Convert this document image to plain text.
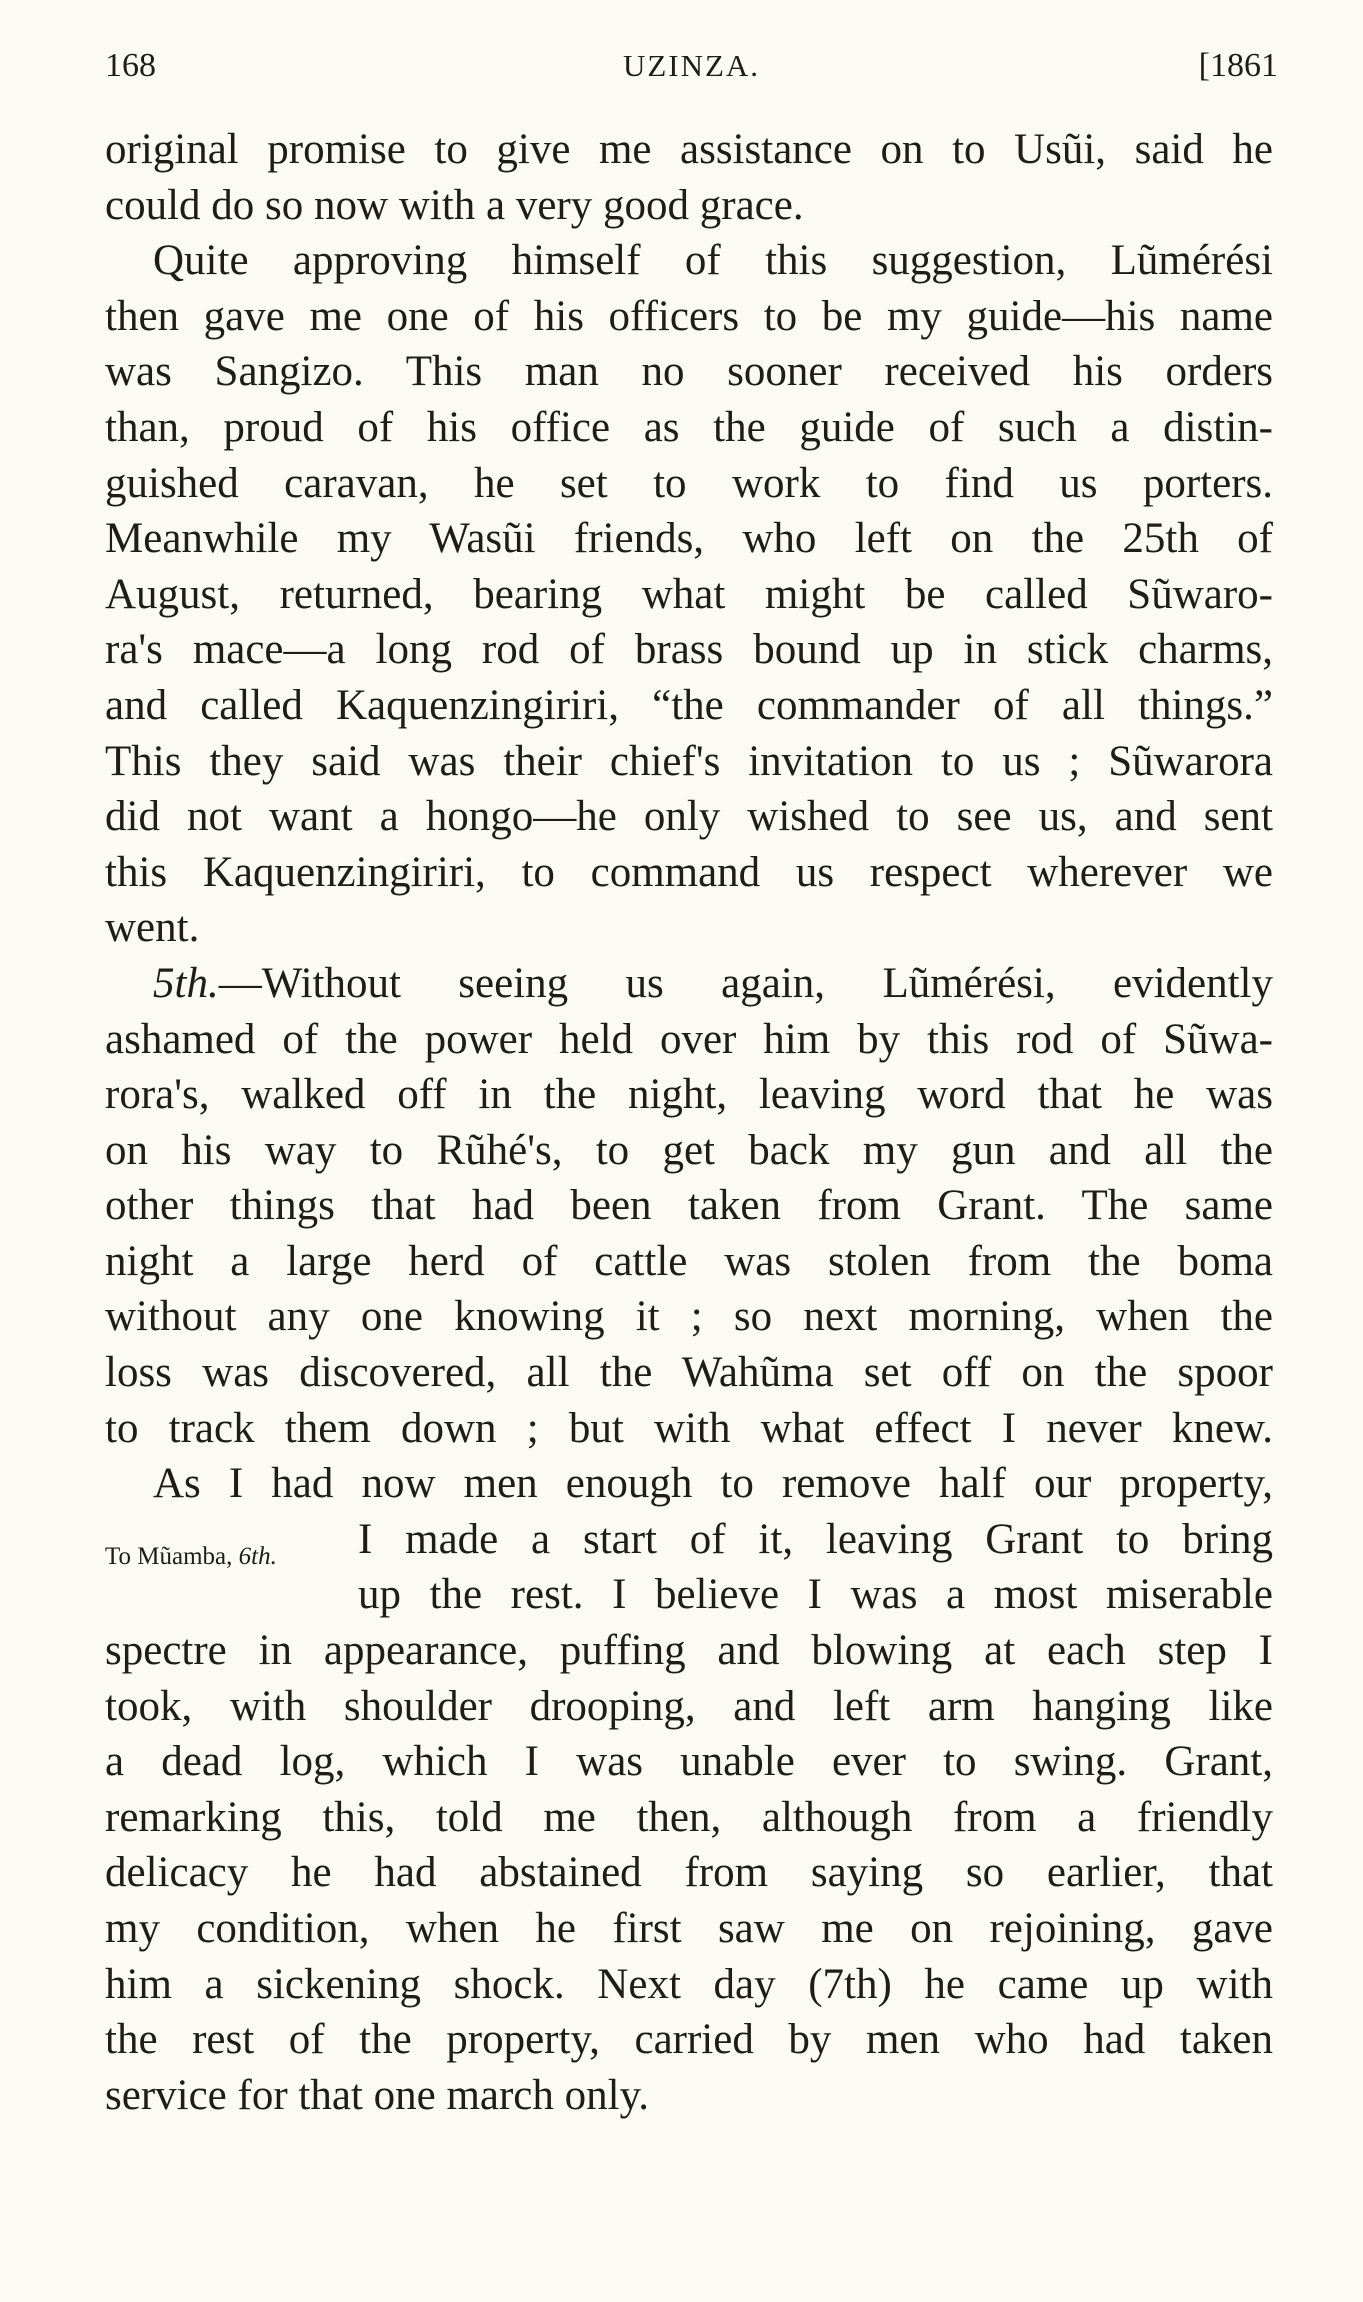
168	UZINZA.	[1861
original promise to give me assistance on to Usũi, said he
could do so now with a very good grace.
Quite approving himself of this suggestion, Lũmérési
then gave me one of his officers to be my guide—his name
was Sangizo. This man no sooner received his orders
than, proud of his office as the guide of such a distin-
guished caravan, he set to work to find us porters.
Meanwhile my Wasũi friends, who left on the 25th of
August, returned, bearing what might be called Sũwaro-
ra's mace—a long rod of brass bound up in stick charms,
and called Kaquenzingiriri, “the commander of all things.”
This they said was their chief's invitation to us ; Sũwarora
did not want a hongo—he only wished to see us, and sent
this Kaquenzingiriri, to command us respect wherever we
went.
5th.—Without seeing us again, Lũmérési, evidently
ashamed of the power held over him by this rod of Sũwa-
rora's, walked off in the night, leaving word that he was
on his way to Rũhé's, to get back my gun and all the
other things that had been taken from Grant. The same
night a large herd of cattle was stolen from the boma
without any one knowing it ; so next morning, when the
loss was discovered, all the Wahũma set off on the spoor
to track them down ; but with what effect I never knew.
As I had now men enough to remove half our property,
I made a start of it, leaving Grant to bring
To Mũamba, 6th.
up the rest. I believe I was a most miserable
spectre in appearance, puffing and blowing at each step I
took, with shoulder drooping, and left arm hanging like
a dead log, which I was unable ever to swing. Grant,
remarking this, told me then, although from a friendly
delicacy he had abstained from saying so earlier, that
my condition, when he first saw me on rejoining, gave
him a sickening shock. Next day (7th) he came up with
the rest of the property, carried by men who had taken
service for that one march only.
